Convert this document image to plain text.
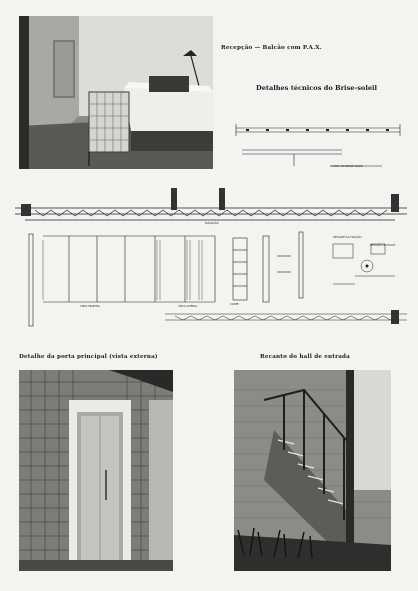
Recepção — Balcão com P.A.X.
Detalhes técnicos do Brise-soleil
PLANTA DO BRISE SOLEIL
ELEVAÇÃO
VISTA FRONTAL	VISTA LATERAL
DETALHE DA FIXAÇÃO
DETALHE DO PIVOT
CORTE
Detalhe da porta principal (vista externa)	Recanto do hall de entrada
